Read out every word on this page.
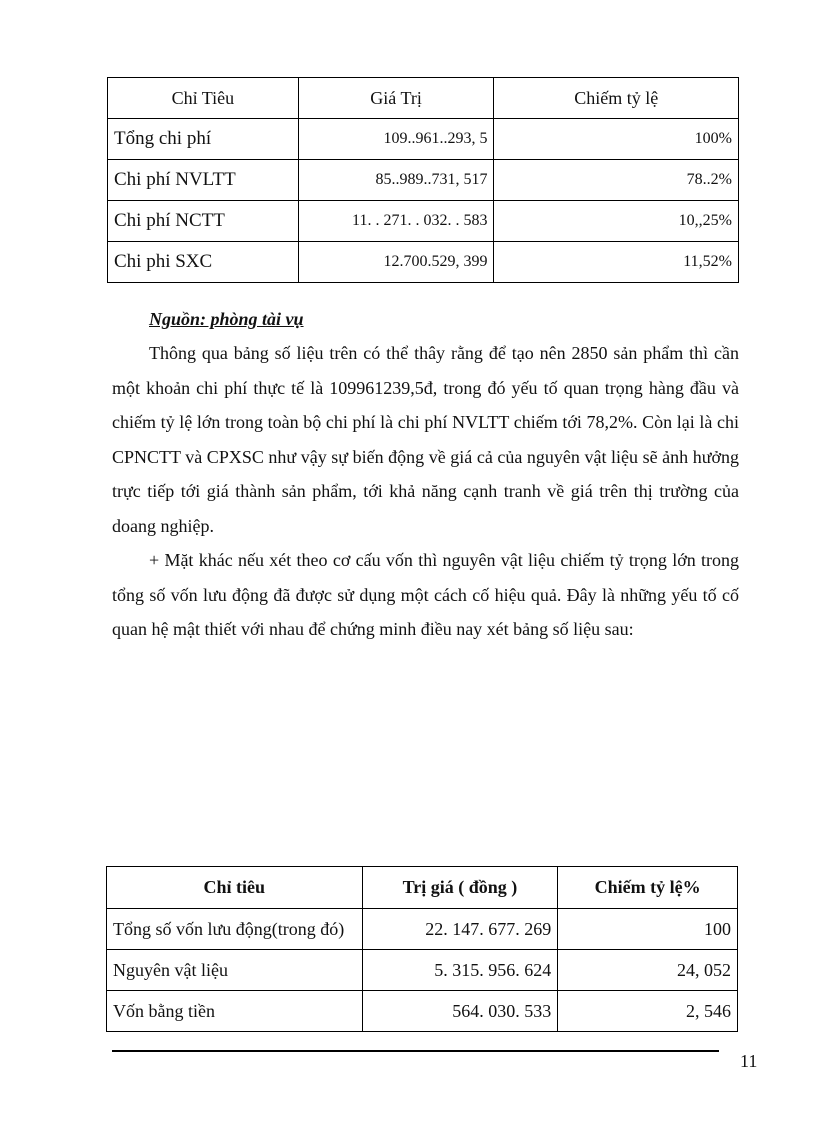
Chỉ Tiêu	Giá Trị	Chiếm tỷ lệ
Tổng chi phí	109..961..293, 5	100%
Chi phí NVLTT	85..989..731, 517	78..2%
Chi phí NCTT	11. . 271. . 032. . 583	10,,25%
Chi phi SXC	12.700.529, 399	11,52%
Nguồn: phòng tài vụ

Thông qua bảng số liệu trên có thể thây rằng để tạo nên 2850 sản phẩm thì cần một khoản chi phí thực tế là 109961239,5đ, trong đó yếu tố quan trọng hàng đầu và chiếm tỷ lệ lớn trong toàn bộ chi phí là chi phí NVLTT chiếm tới 78,2%. Còn lại là chi CPNCTT và CPXSC như vậy sự biến động về giá cả của nguyên vật liệu sẽ ảnh hưởng trực tiếp tới giá thành sản phẩm, tới khả năng cạnh tranh về giá trên thị trường của doang nghiệp.

+ Mặt khác nếu xét theo cơ cấu vốn thì nguyên vật liệu chiếm tỷ trọng lớn trong tổng số vốn lưu động đã được sử dụng một cách cố hiệu quả. Đây là những yếu tố cố quan hệ mật thiết với nhau để chứng minh điều nay xét bảng số liệu sau:

Chỉ tiêu	Trị giá ( đồng )	Chiếm tỷ lệ%
Tổng số vốn lưu động(trong đó)	22. 147. 677. 269	100
Nguyên vật liệu	5. 315. 956. 624	24, 052
Vốn bằng tiền	564. 030. 533	2, 546
11
